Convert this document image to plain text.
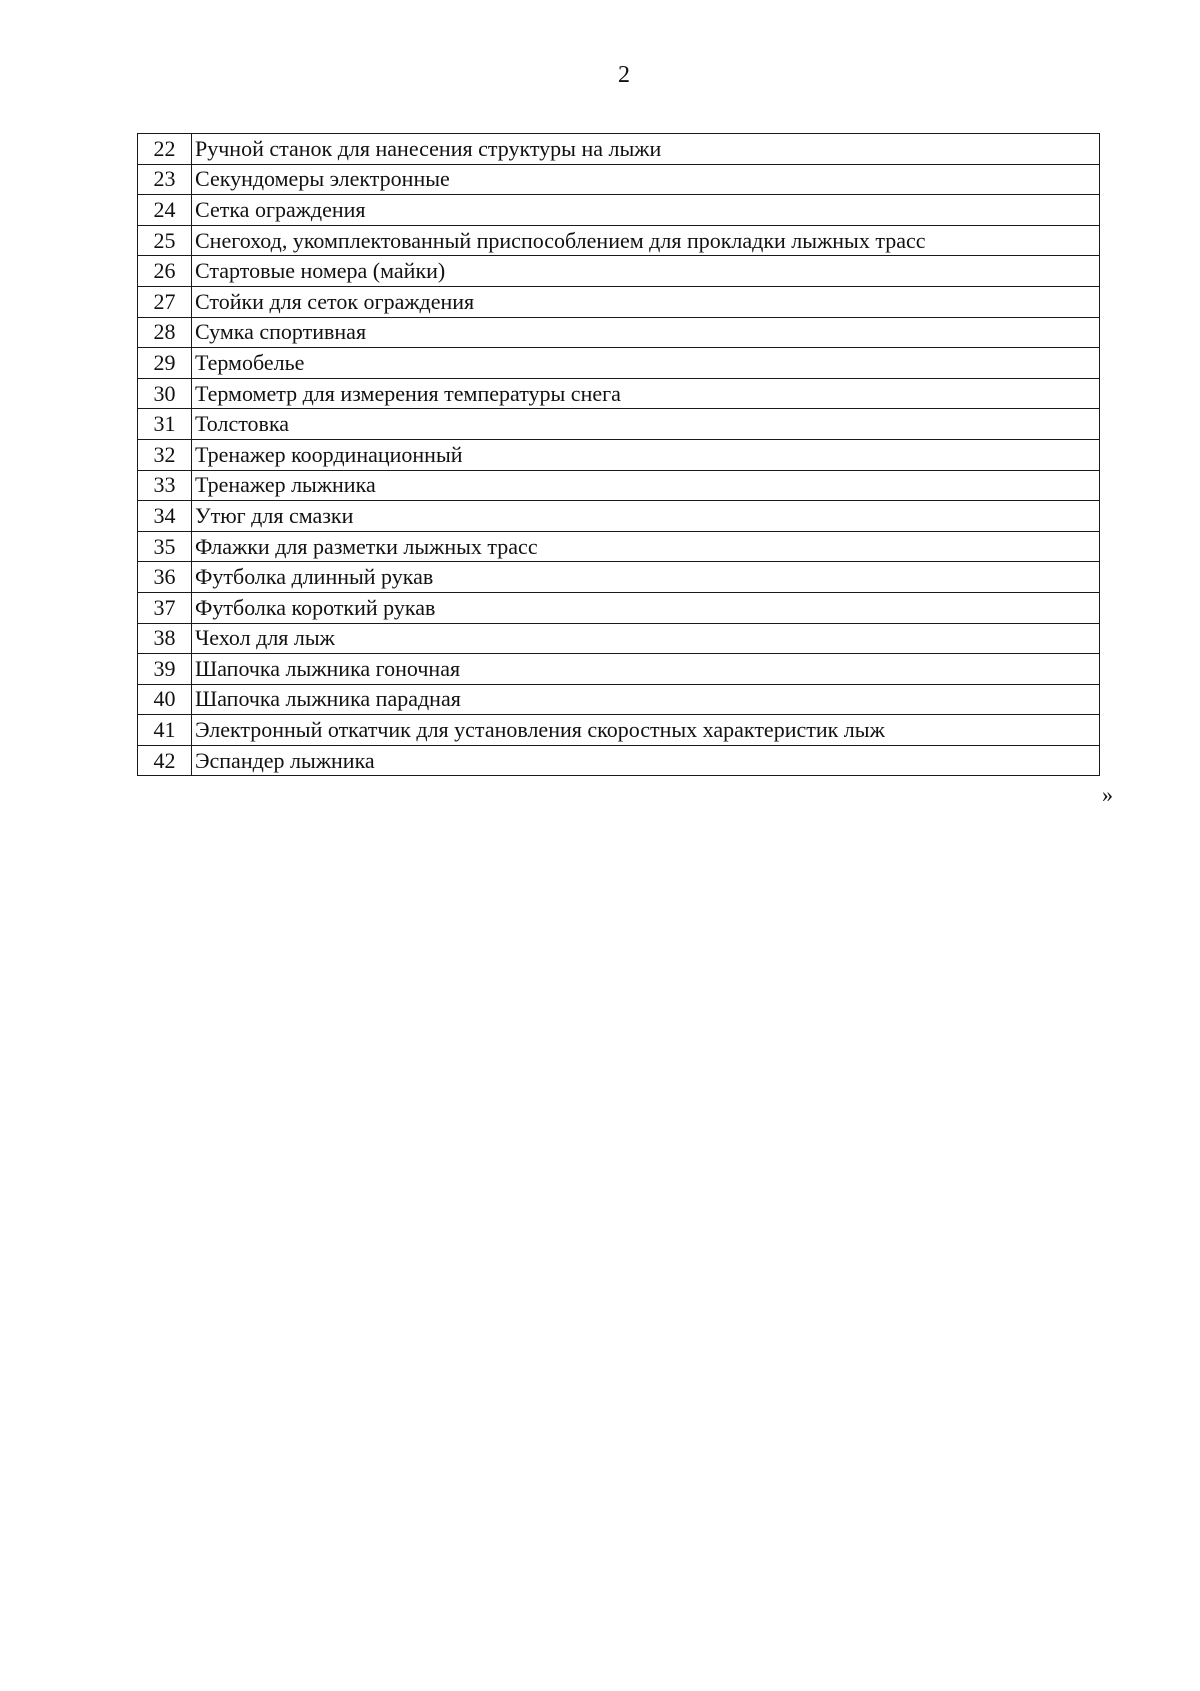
2
22	Ручной станок для нанесения структуры на лыжи
23	Секундомеры электронные
24	Сетка ограждения
25	Снегоход, укомплектованный приспособлением для прокладки лыжных трасс
26	Стартовые номера (майки)
27	Стойки для сеток ограждения
28	Сумка спортивная
29	Термобелье
30	Термометр для измерения температуры снега
31	Толстовка
32	Тренажер координационный
33	Тренажер лыжника
34	Утюг для смазки
35	Флажки для разметки лыжных трасс
36	Футболка длинный рукав
37	Футболка короткий рукав
38	Чехол для лыж
39	Шапочка лыжника гоночная
40	Шапочка лыжника парадная
41	Электронный откатчик для установления скоростных характеристик лыж
42	Эспандер лыжника
»
